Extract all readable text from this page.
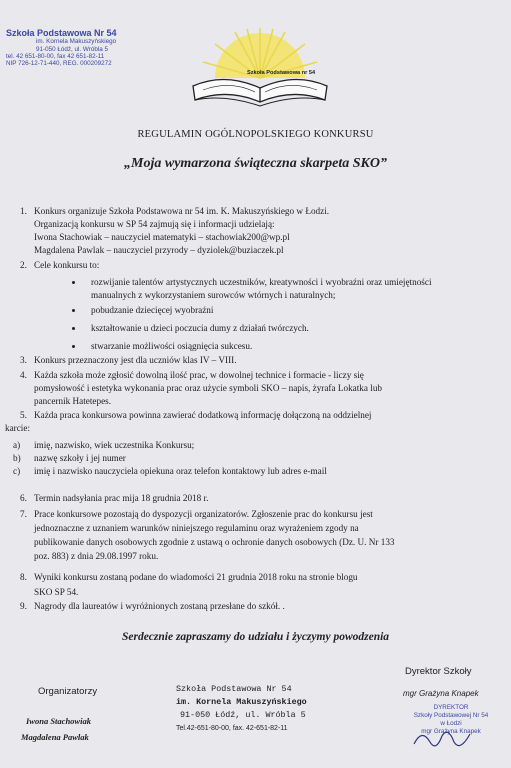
Szkoła Podstawowa Nr 54
im. Kornela Makuszyńskiego
91-050 Łódź, ul. Wróbla 5
tel. 42 651-80-00, fax 42 651-82-11
NIP 726-12-71-440, REG. 000209272
Szkoła Podstawowa nr 54
REGULAMIN OGÓLNOPOLSKIEGO KONKURSU
„Moja wymarzona świąteczna skarpeta SKO”
1. Konkurs organizuje Szkoła Podstawowa nr 54 im. K. Makuszyńskiego w Łodzi.
Organizacją konkursu w SP 54 zajmują się i informacji udzielają:
Iwona Stachowiak – nauczyciel matematyki – stachowiak200@wp.pl
Magdalena Pawlak – nauczyciel przyrody – dyziolek@buziaczek.pl
2. Cele konkursu to:
rozwijanie talentów artystycznych uczestników, kreatywności i wyobraźni oraz umiejętności
manualnych z wykorzystaniem surowców wtórnych i naturalnych;
pobudzanie dziecięcej wyobraźni
kształtowanie u dzieci poczucia dumy z działań twórczych.
stwarzanie możliwości osiągnięcia sukcesu.
3. Konkurs przeznaczony jest dla uczniów klas IV – VIII.
4. Każda szkoła może zgłosić dowolną ilość prac, w dowolnej technice i formacie - liczy się
pomysłowość i estetyka wykonania prac oraz użycie symboli SKO – napis, żyrafa Lokatka lub
pancernik Hatetepes.
5. Każda praca konkursowa powinna zawierać dodatkową informację dołączoną na oddzielnej
karcie:
a) imię, nazwisko, wiek uczestnika Konkursu;
b) nazwę szkoły i jej numer
c) imię i nazwisko nauczyciela opiekuna oraz telefon kontaktowy lub adres e-mail
6. Termin nadsyłania prac mija 18 grudnia 2018 r.
7. Prace konkursowe pozostają do dyspozycji organizatorów. Zgłoszenie prac do konkursu jest
jednoznaczne z uznaniem warunków niniejszego regulaminu oraz wyrażeniem zgody na
publikowanie danych osobowych zgodnie z ustawą o ochronie danych osobowych (Dz. U. Nr 133
poz. 883) z dnia 29.08.1997 roku.
8. Wyniki konkursu zostaną podane do wiadomości 21 grudnia 2018 roku na stronie blogu
SKO SP 54.
9. Nagrody dla laureatów i wyróżnionych zostaną przesłane do szkół. .
Serdecznie zapraszamy do udziału i życzymy powodzenia
Organizatorzy
Iwona Stachowiak
Magdalena Pawlak
Szkoła Podstawowa Nr 54
im. Kornela Makuszyńskiego
91-050 Łódź, ul. Wróbla 5
Tel.42-651-80-00, fax. 42-651-82-11
Dyrektor Szkoły
mgr Grażyna Knapek
DYREKTOR
Szkoły Podstawowej Nr 54
w Łodzi
mgr Grażyna Knapek
